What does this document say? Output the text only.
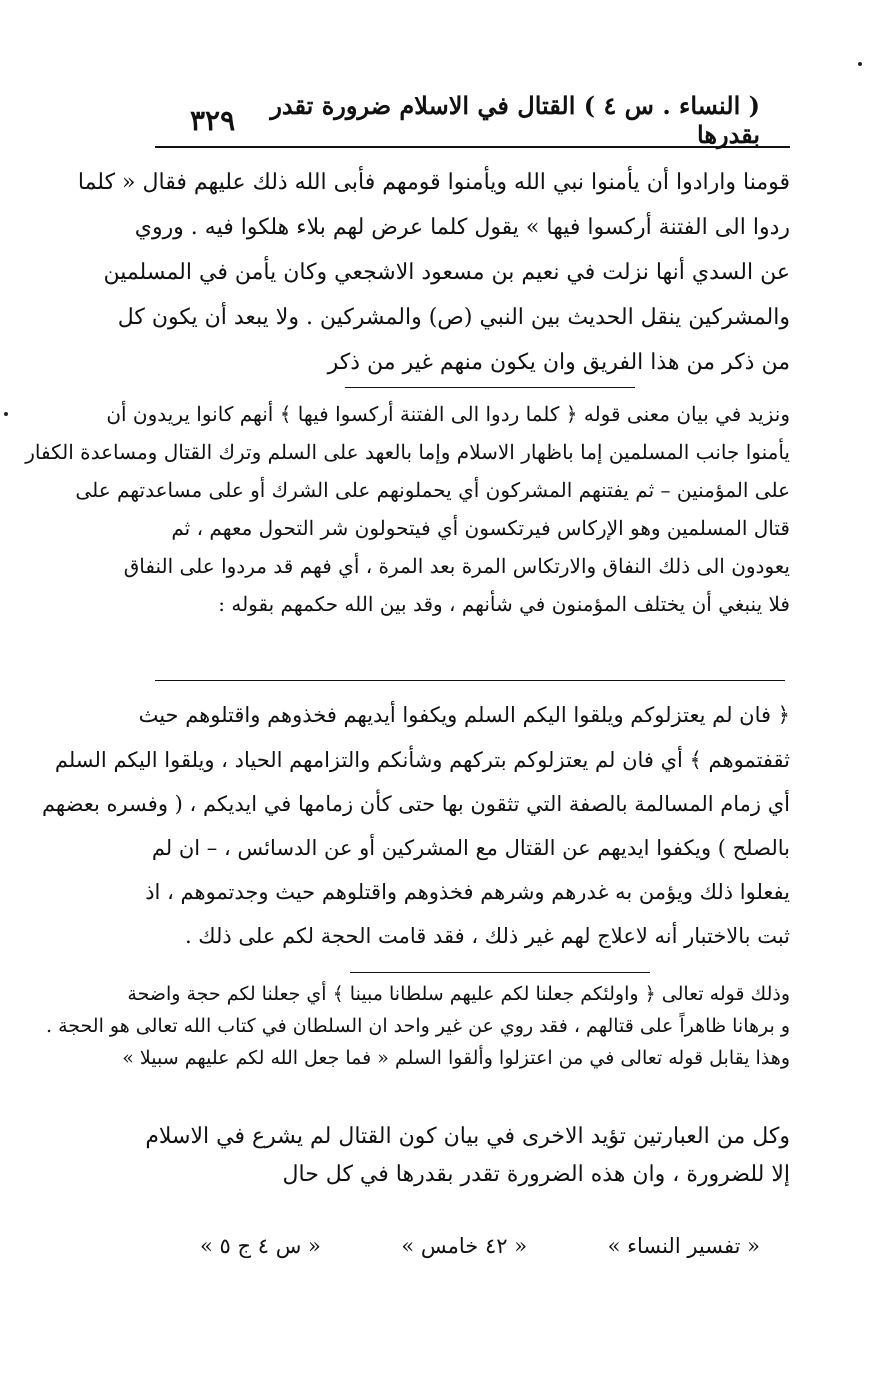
( النساء . س ٤ ) القتال في الاسلام ضرورة تقدر بقدرها
٣٢٩
قومنا وارادوا أن يأمنوا نبي الله ويأمنوا قومهم فأبى الله ذلك عليهم فقال « كلما
ردوا الى الفتنة أركسوا فيها » يقول كلما عرض لهم بلاء هلكوا فيه . وروي
عن السدي أنها نزلت في نعيم بن مسعود الاشجعي وكان يأمن في المسلمين
والمشركين ينقل الحديث بين النبي (ص) والمشركين . ولا يبعد أن يكون كل
من ذكر من هذا الفريق وان يكون منهم غير من ذكر
ونزيد في بيان معنى قوله ﴿ كلما ردوا الى الفتنة أركسوا فيها ﴾ أنهم كانوا يريدون أن
يأمنوا جانب المسلمين إما باظهار الاسلام وإما بالعهد على السلم وترك القتال ومساعدة الكفار
على المؤمنين – ثم يفتنهم المشركون أي يحملونهم على الشرك أو على مساعدتهم على
قتال المسلمين وهو الإركاس فيرتكسون أي فيتحولون شر التحول معهم ، ثم
يعودون الى ذلك النفاق والارتكاس المرة بعد المرة ، أي فهم قد مردوا على النفاق
فلا ينبغي أن يختلف المؤمنون في شأنهم ، وقد بين الله حكمهم بقوله :
﴿ فان لم يعتزلوكم ويلقوا اليكم السلم ويكفوا أيديهم فخذوهم واقتلوهم حيث
ثقفتموهم ﴾ أي فان لم يعتزلوكم بتركهم وشأنكم والتزامهم الحياد ، ويلقوا اليكم السلم
أي زمام المسالمة بالصفة التي تثقون بها حتى كأن زمامها في ايديكم ، ( وفسره بعضهم
بالصلح ) ويكفوا ايديهم عن القتال مع المشركين أو عن الدسائس ، – ان لم
يفعلوا ذلك ويؤمن به غدرهم وشرهم فخذوهم واقتلوهم حيث وجدتموهم ، اذ
ثبت بالاختبار أنه لاعلاج لهم غير ذلك ، فقد قامت الحجة لكم على ذلك .
وذلك قوله تعالى ﴿ واولئكم جعلنا لكم عليهم سلطانا مبينا ﴾ أي جعلنا لكم حجة واضحة
و برهانا ظاهراً على قتالهم ، فقد روي عن غير واحد ان السلطان في كتاب الله تعالى هو الحجة .
وهذا يقابل قوله تعالى في من اعتزلوا وألقوا السلم « فما جعل الله لكم عليهم سبيلا »
وكل من العبارتين تؤيد الاخرى في بيان كون القتال لم يشرع في الاسلام
إلا للضرورة ، وان هذه الضرورة تقدر بقدرها في كل حال
« تفسير النساء »
« ٤٢ خامس »
« س ٤ ج ٥ »
